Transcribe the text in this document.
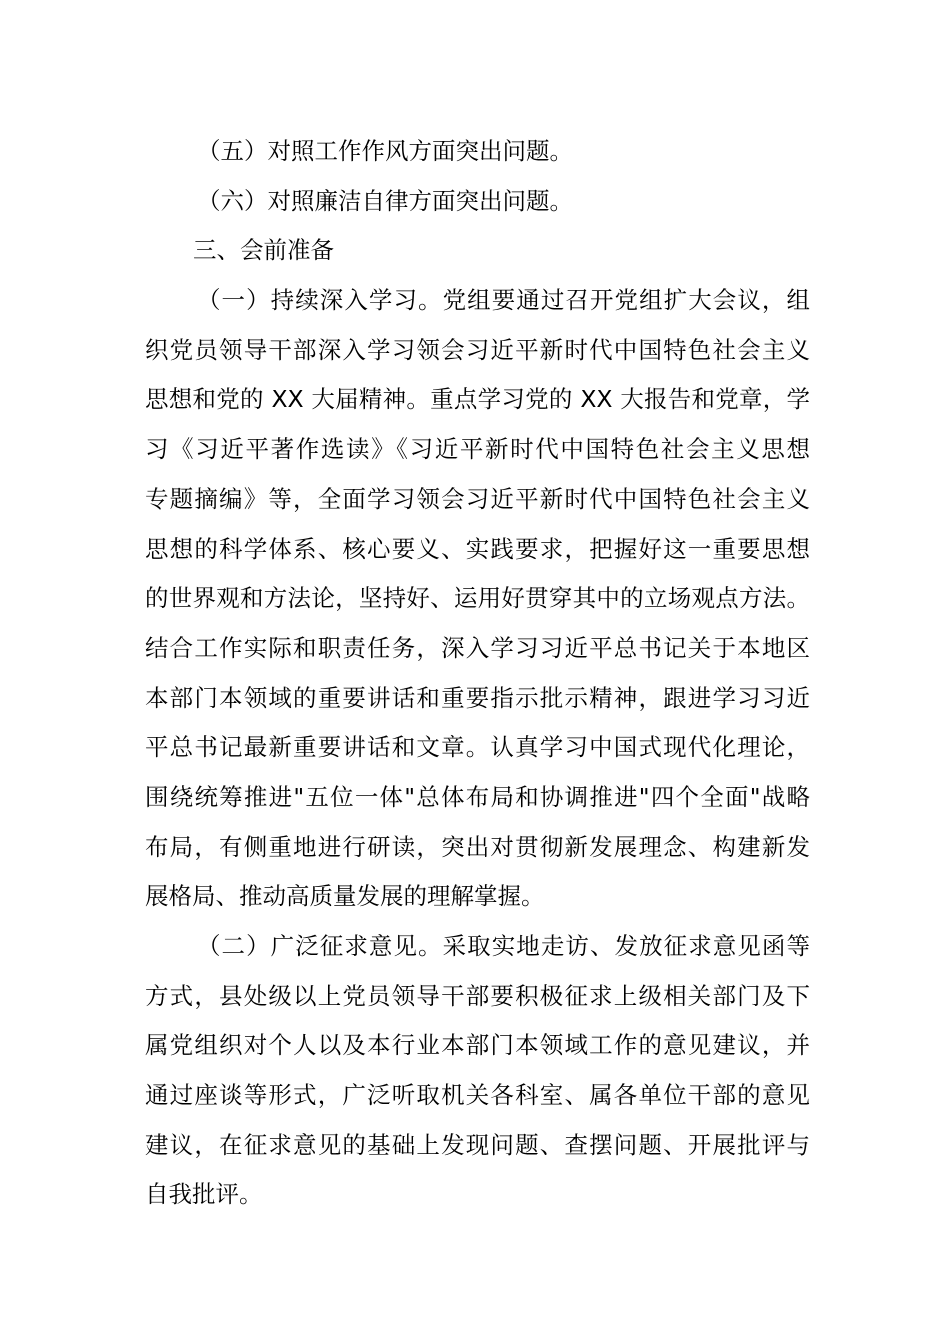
（五）对照工作作风方面突出问题。
（六）对照廉洁自律方面突出问题。
三、会前准备
（一）持续深入学习。党组要通过召开党组扩大会议，组
织党员领导干部深入学习领会习近平新时代中国特色社会主义
思想和党的 XX 大届精神。重点学习党的 XX 大报告和党章，学
习《习近平著作选读》《习近平新时代中国特色社会主义思想
专题摘编》等，全面学习领会习近平新时代中国特色社会主义
思想的科学体系、核心要义、实践要求，把握好这一重要思想
的世界观和方法论，坚持好、运用好贯穿其中的立场观点方法。
结合工作实际和职责任务，深入学习习近平总书记关于本地区
本部门本领域的重要讲话和重要指示批示精神，跟进学习习近
平总书记最新重要讲话和文章。认真学习中国式现代化理论，
围绕统筹推进"五位一体"总体布局和协调推进"四个全面"战略
布局，有侧重地进行研读，突出对贯彻新发展理念、构建新发
展格局、推动高质量发展的理解掌握。
（二）广泛征求意见。采取实地走访、发放征求意见函等
方式，县处级以上党员领导干部要积极征求上级相关部门及下
属党组织对个人以及本行业本部门本领域工作的意见建议，并
通过座谈等形式，广泛听取机关各科室、属各单位干部的意见
建议，在征求意见的基础上发现问题、查摆问题、开展批评与
自我批评。
